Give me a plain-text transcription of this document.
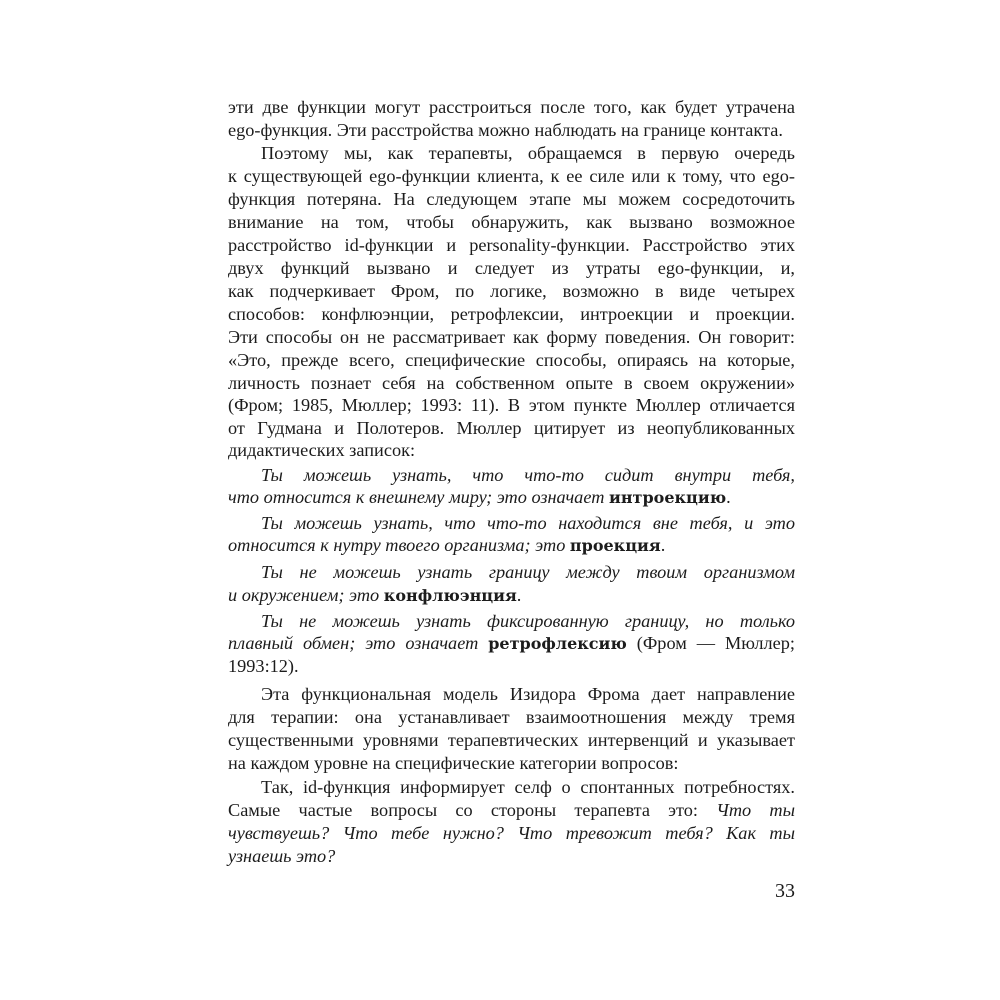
эти две функции могут расстроиться после того, как будет утрачена
ego-функция. Эти расстройства можно наблюдать на границе контакта.
Поэтому мы, как терапевты, обращаемся в первую очередь
к существующей ego-функции клиента, к ее силе или к тому, что ego-
функция потеряна. На следующем этапе мы можем сосредоточить
внимание на том, чтобы обнаружить, как вызвано возможное
расстройство id-функции и personality-функции. Расстройство этих
двух функций вызвано и следует из утраты ego-функции, и,
как подчеркивает Фром, по логике, возможно в виде четырех
способов: конфлюэнции, ретрофлексии, интроекции и проекции.
Эти способы он не рассматривает как форму поведения. Он говорит:
«Это, прежде всего, специфические способы, опираясь на которые,
личность познает себя на собственном опыте в своем окружении»
(Фром; 1985, Мюллер; 1993: 11). В этом пункте Мюллер отличается
от Гудмана и Полотеров. Мюллер цитирует из неопубликованных
дидактических записок:
Ты можешь узнать, что что-то сидит внутри тебя,
что относится к внешнему миру; это означает интроекцию.
Ты можешь узнать, что что-то находится вне тебя, и это
относится к нутру твоего организма; это проекция.
Ты не можешь узнать границу между твоим организмом
и окружением; это конфлюэнция.
Ты не можешь узнать фиксированную границу, но только
плавный обмен; это означает ретрофлексию (Фром — Мюллер;
1993:12).
Эта функциональная модель Изидора Фрома дает направление
для терапии: она устанавливает взаимоотношения между тремя
существенными уровнями терапевтических интервенций и указывает
на каждом уровне на специфические категории вопросов:
Так, id-функция информирует селф о спонтанных потребностях.
Самые частые вопросы со стороны терапевта это: Что ты
чувствуешь? Что тебе нужно? Что тревожит тебя? Как ты
узнаешь это?
33
